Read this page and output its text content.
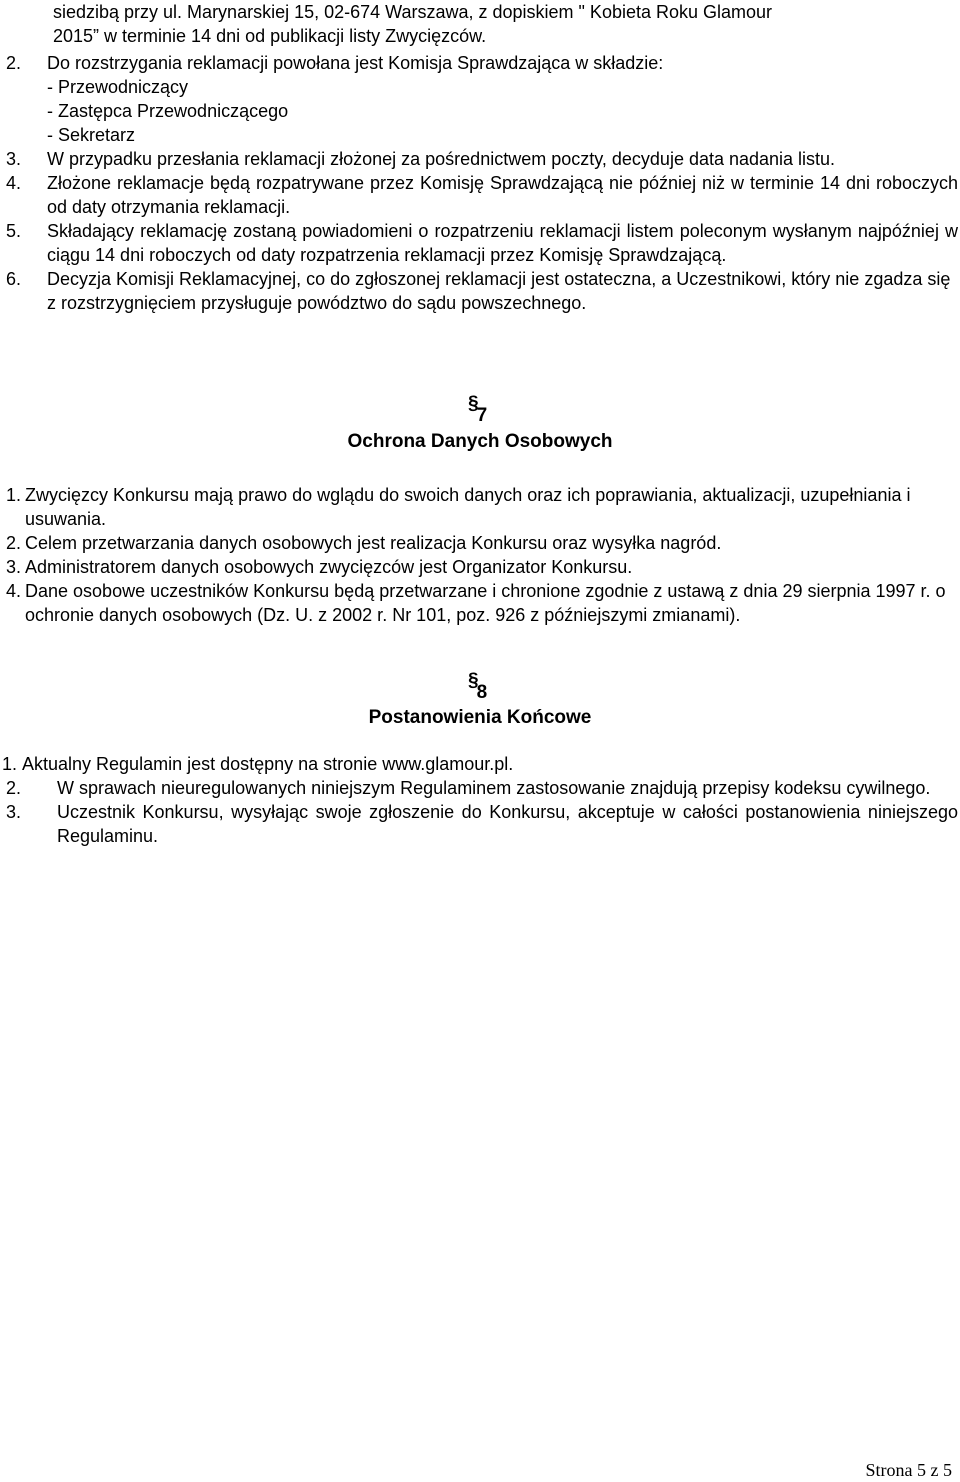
siedzibą przy ul. Marynarskiej 15, 02-674 Warszawa, z dopiskiem " Kobieta Roku Glamour
2015” w terminie 14 dni od publikacji listy Zwycięzców.
2.	Do rozstrzygania reklamacji powołana jest Komisja Sprawdzająca w składzie:
- Przewodniczący
- Zastępca Przewodniczącego
- Sekretarz
3.	W przypadku przesłania reklamacji złożonej za pośrednictwem poczty, decyduje data nadania listu.
4.	Złożone reklamacje będą rozpatrywane przez Komisję Sprawdzającą nie później niż w terminie 14 dni roboczych od daty otrzymania reklamacji.
5.	Składający reklamację zostaną powiadomieni o rozpatrzeniu reklamacji listem poleconym wysłanym najpóźniej w ciągu 14 dni roboczych od daty rozpatrzenia reklamacji przez Komisję Sprawdzającą.
6.	Decyzja Komisji Reklamacyjnej, co do zgłoszonej reklamacji jest ostateczna, a Uczestnikowi, który nie zgadza się z rozstrzygnięciem przysługuje powództwo do sądu powszechnego.
§7
Ochrona Danych Osobowych
1. Zwycięzcy Konkursu mają prawo do wglądu do swoich danych oraz ich poprawiania, aktualizacji, uzupełniania i usuwania.
2. Celem przetwarzania danych osobowych jest realizacja Konkursu oraz wysyłka nagród.
3. Administratorem danych osobowych zwycięzców jest Organizator Konkursu.
4. Dane osobowe uczestników Konkursu będą przetwarzane i chronione zgodnie z ustawą z dnia 29 sierpnia 1997 r. o ochronie danych osobowych (Dz. U. z 2002 r. Nr 101, poz. 926 z późniejszymi zmianami).
§8
Postanowienia Końcowe
1. Aktualny Regulamin jest dostępny na stronie www.glamour.pl.
2.	W sprawach nieuregulowanych niniejszym Regulaminem zastosowanie znajdują przepisy kodeksu cywilnego.
3.	Uczestnik Konkursu, wysyłając swoje zgłoszenie do Konkursu, akceptuje w całości postanowienia niniejszego Regulaminu.
Strona 5 z 5
